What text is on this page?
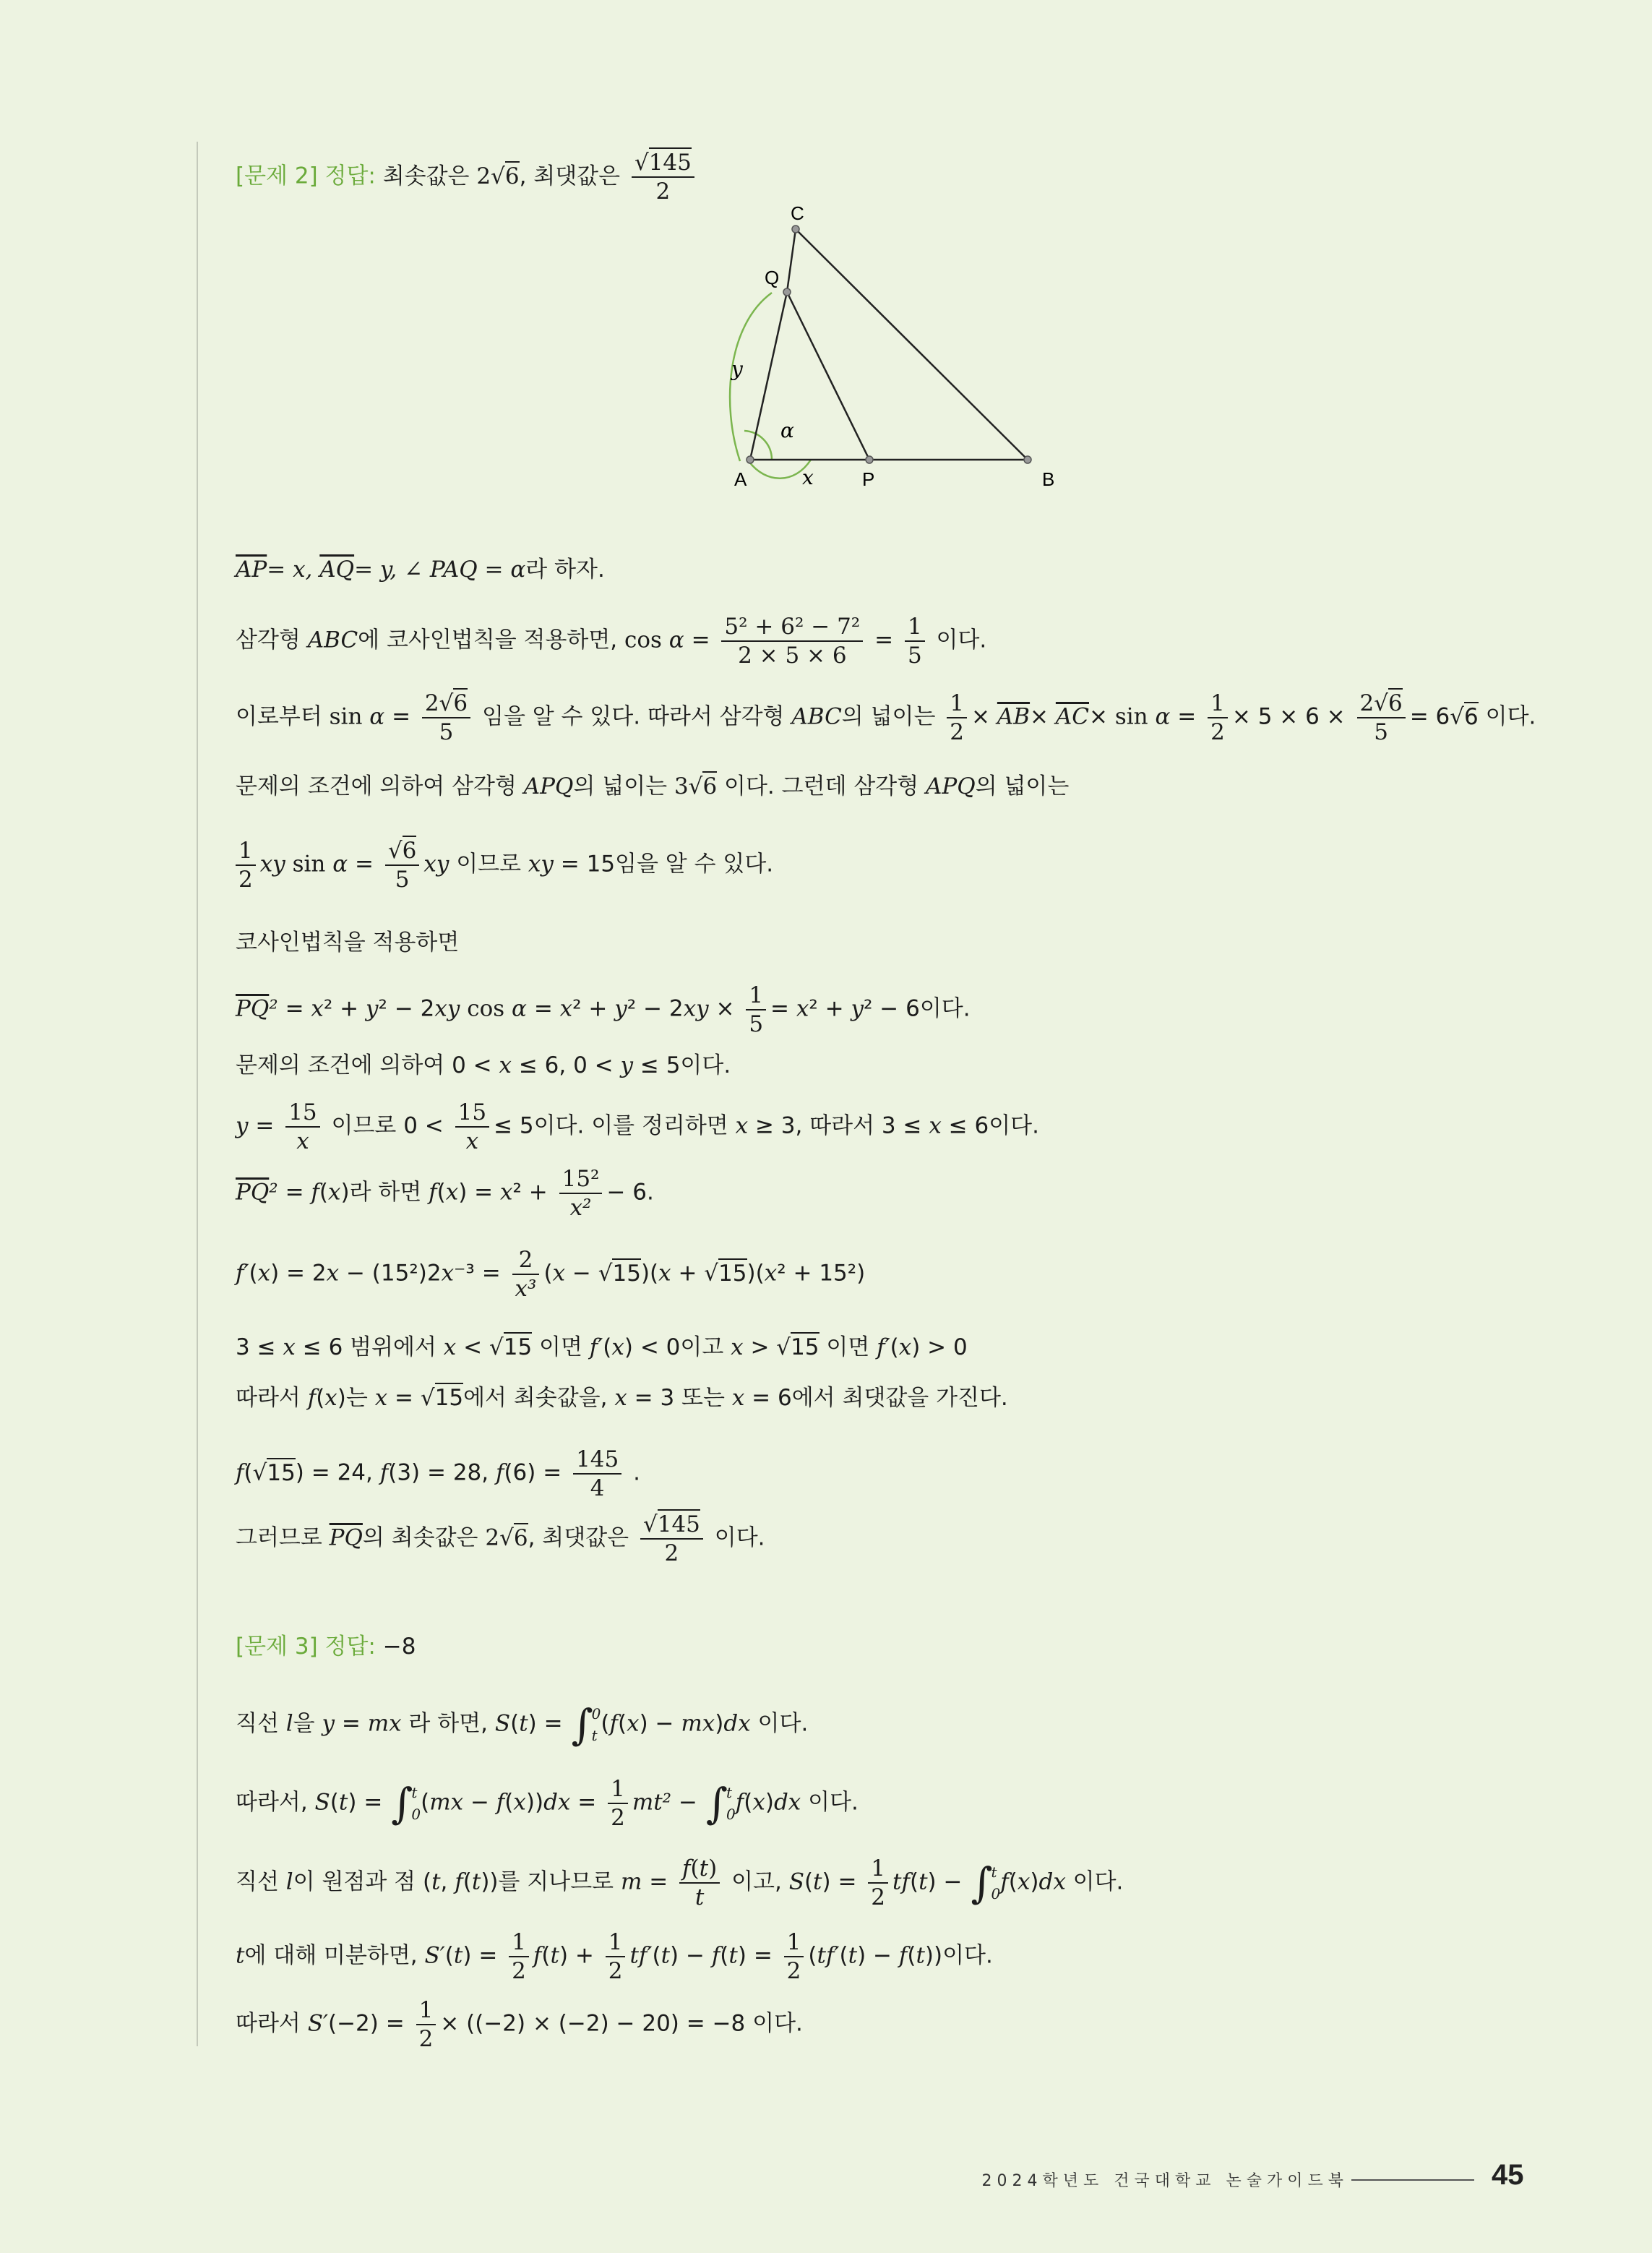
[문제 2] 정답: 최솟값은 2√6, 최댓값은 $\frac{√145}{2}$
C
Q
A	P	B
x
y
α
$\overline{AP}= x$, $\overline{AQ}= y$, ∠ PAQ = α라 하자.
삼각형 ABC에 코사인법칙을 적용하면, $\cos \alpha = \frac{\text{5² + 6² − 7²}}{2 \times 5 \times 6} = \frac{1}{5}$ 이다.
이로부터 $\sin \alpha = \frac{2√6}{5}$ 임을 알 수 있다. 따라서 삼각형 ABC의 넓이는 $\frac{1}{2} \times \overline{AB}\times \overline{AC}\times \sin \alpha = \frac{1}{2} \times 5 \times 6 \times \frac{2√6}{5} = 6√6$ 이다.
문제의 조건에 의하여 삼각형 APQ의 넓이는 3√6 이다. 그런데 삼각형 APQ의 넓이는
$\frac{1}{2}$ xy $\sin \alpha = \frac{√6}{5}$ xy 이므로 xy = 15임을 알 수 있다.
코사인법칙을 적용하면
$\overline{PQ}^2 = x^2 + y^2 - 2xy$ $\cos \alpha = x^2 + y^2 - 2xy \times \frac{1}{5} = x^2 + y^2 - 6$이다.
문제의 조건에 의하여 0 < x ≤ 6, 0 < y ≤ 5이다.
$y = \frac{15}{x}$ 이므로 $0 < \frac{15}{x} \le 5$이다. 이를 정리하면 x ≥ 3, 따라서 3 ≤ x ≤ 6이다.
$\overline{PQ}^2 = f(x)$라 하면 $f(x) = x^2 + \frac{\text{15²}}{\text{x²}} - 6$.
$f'(x) = 2x - (15^2)2x^{-3} = \frac{2}{\text{x³}} (x - √15)(x + √15)(x^2 + 15^2)$
3 ≤ x ≤ 6 범위에서 x < √15 이면 f′(x) < 0이고 x > √15 이면 f′(x) > 0
따라서 f(x)는 x = √15에서 최솟값을, x = 3 또는 x = 6에서 최댓값을 가진다.
f(√15) = 24, f(3) = 28, $f(6) = \frac{145}{4}$ .
그러므로 $\overline{PQ}$의 최솟값은 2√6, 최댓값은 $\frac{√145}{2}$ 이다.
[문제 3] 정답: −8
직선 l을 y = mx 라 하면, S(t) = ∫0
t (f(x) − mx)dx 이다.
따라서, S(t) = ∫t
$0(mx - f(x))dx = \frac{1}{2} mt^2 - \int t$
0f(x)dx 이다.
직선 l이 원점과 점 (t, f(t))를 지나므로 $m = \frac{f(t)}{t}$ 이고, $S(t) = \frac{1}{2} tf(t) - \int t$
0f(x)dx 이다.
t에 대해 미분하면, $S'(t) = \frac{1}{2} f(t) + \frac{1}{2} tf'(t) - f(t) = \frac{1}{2} (tf'(t) - f(t))$이다.
따라서 $S'(-2) = \frac{1}{2} \times ((-2) \times (-2) - 20) = -8$ 이다.
2024학년도 건국대학교 논술가이드북	45
